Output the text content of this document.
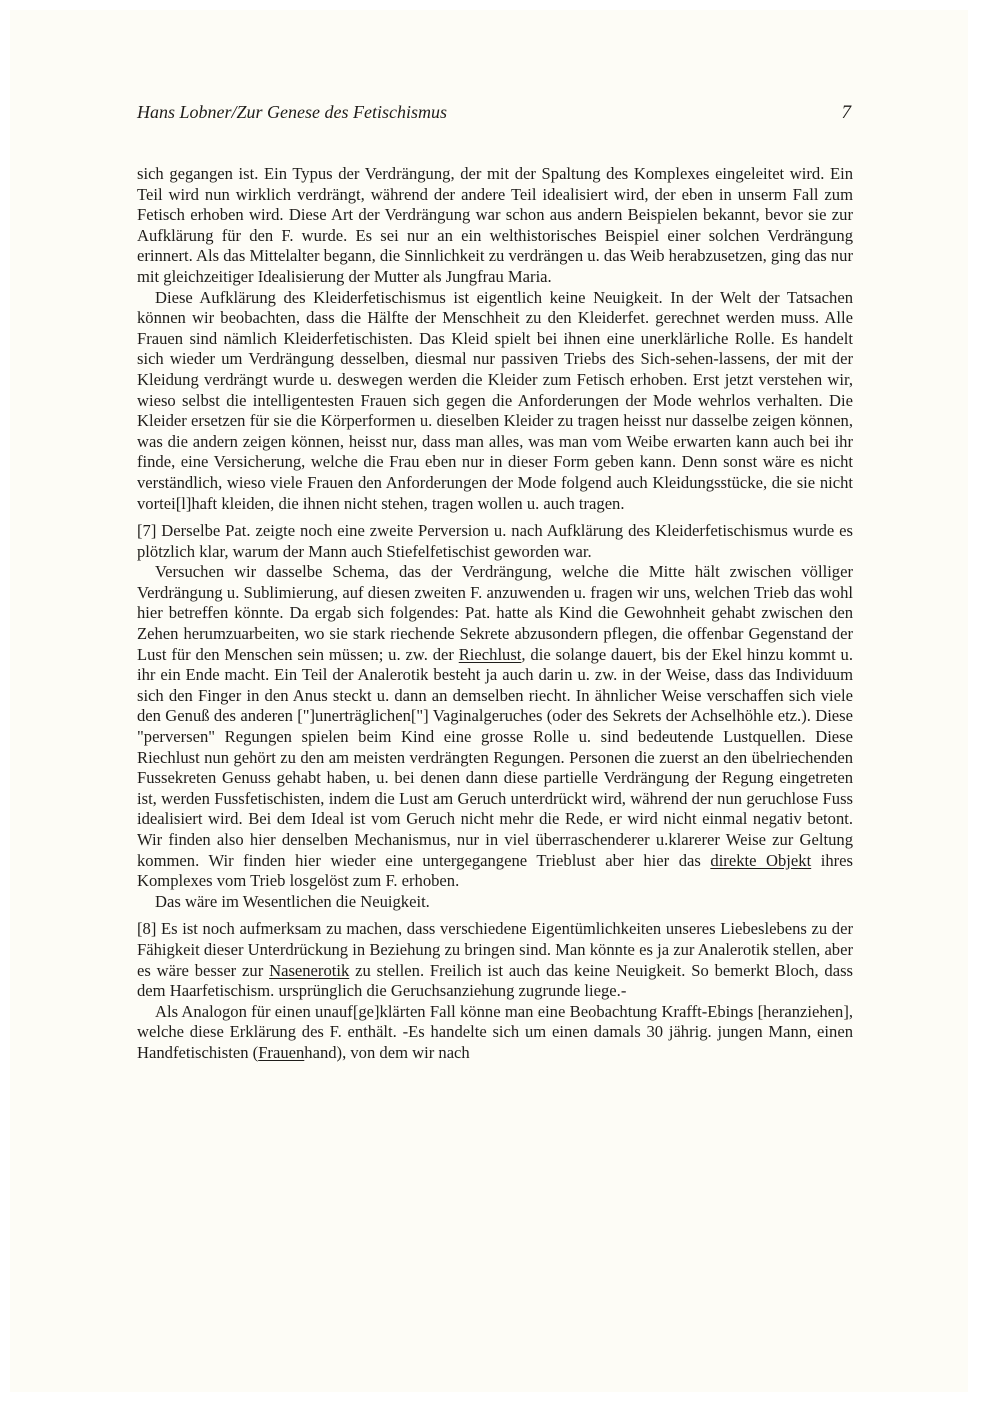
Hans Lobner/Zur Genese des Fetischismus	7

sich gegangen ist. Ein Typus der Verdrängung, der mit der Spaltung des Komplexes eingeleitet wird. Ein Teil wird nun wirklich verdrängt, während der andere Teil idealisiert wird, der eben in unserm Fall zum Fetisch erhoben wird. Diese Art der Verdrängung war schon aus andern Beispielen bekannt, bevor sie zur Aufklärung für den F. wurde. Es sei nur an ein welthistorisches Beispiel einer solchen Verdrängung erinnert. Als das Mittelalter begann, die Sinnlichkeit zu verdrängen u. das Weib herabzusetzen, ging das nur mit gleichzeitiger Idealisierung der Mutter als Jungfrau Maria.

Diese Aufklärung des Kleiderfetischismus ist eigentlich keine Neuigkeit. In der Welt der Tatsachen können wir beobachten, dass die Hälfte der Menschheit zu den Kleiderfet. gerechnet werden muss. Alle Frauen sind nämlich Kleiderfetischisten. Das Kleid spielt bei ihnen eine unerklärliche Rolle. Es handelt sich wieder um Verdrängung desselben, diesmal nur passiven Triebs des Sich-sehen-lassens, der mit der Kleidung verdrängt wurde u. deswegen werden die Kleider zum Fetisch erhoben. Erst jetzt verstehen wir, wieso selbst die intelligentesten Frauen sich gegen die Anforderungen der Mode wehrlos verhalten. Die Kleider ersetzen für sie die Körperformen u. dieselben Kleider zu tragen heisst nur dasselbe zeigen können, was die andern zeigen können, heisst nur, dass man alles, was man vom Weibe erwarten kann auch bei ihr finde, eine Versicherung, welche die Frau eben nur in dieser Form geben kann. Denn sonst wäre es nicht verständlich, wieso viele Frauen den Anforderungen der Mode folgend auch Kleidungsstücke, die sie nicht vortei[l]haft kleiden, die ihnen nicht stehen, tragen wollen u. auch tragen.

[7] Derselbe Pat. zeigte noch eine zweite Perversion u. nach Aufklärung des Kleiderfetischismus wurde es plötzlich klar, warum der Mann auch Stiefelfetischist geworden war.

Versuchen wir dasselbe Schema, das der Verdrängung, welche die Mitte hält zwischen völliger Verdrängung u. Sublimierung, auf diesen zweiten F. anzuwenden u. fragen wir uns, welchen Trieb das wohl hier betreffen könnte. Da ergab sich folgendes: Pat. hatte als Kind die Gewohnheit gehabt zwischen den Zehen herumzuarbeiten, wo sie stark riechende Sekrete abzusondern pflegen, die offenbar Gegenstand der Lust für den Menschen sein müssen; u. zw. der Riechlust, die solange dauert, bis der Ekel hinzu kommt u. ihr ein Ende macht. Ein Teil der Analerotik besteht ja auch darin u. zw. in der Weise, dass das Individuum sich den Finger in den Anus steckt u. dann an demselben riecht. In ähnlicher Weise verschaffen sich viele den Genuß des anderen ["]unerträglichen["] Vaginalgeruches (oder des Sekrets der Achselhöhle etz.). Diese "perversen" Regungen spielen beim Kind eine grosse Rolle u. sind bedeutende Lustquellen. Diese Riechlust nun gehört zu den am meisten verdrängten Regungen. Personen die zuerst an den übelriechenden Fussekreten Genuss gehabt haben, u. bei denen dann diese partielle Verdrängung der Regung eingetreten ist, werden Fussfetischisten, indem die Lust am Geruch unterdrückt wird, während der nun geruchlose Fuss idealisiert wird. Bei dem Ideal ist vom Geruch nicht mehr die Rede, er wird nicht einmal negativ betont. Wir finden also hier denselben Mechanismus, nur in viel überraschenderer u.klarerer Weise zur Geltung kommen. Wir finden hier wieder eine untergegangene Trieblust aber hier das direkte Objekt ihres Komplexes vom Trieb losgelöst zum F. erhoben.

Das wäre im Wesentlichen die Neuigkeit.

[8] Es ist noch aufmerksam zu machen, dass verschiedene Eigentümlichkeiten unseres Liebeslebens zu der Fähigkeit dieser Unterdrückung in Beziehung zu bringen sind. Man könnte es ja zur Analerotik stellen, aber es wäre besser zur Nasenerotik zu stellen. Freilich ist auch das keine Neuigkeit. So bemerkt Bloch, dass dem Haarfetischism. ursprünglich die Geruchsanziehung zugrunde liege.-

Als Analogon für einen unauf[ge]klärten Fall könne man eine Beobachtung Krafft-Ebings [heranziehen], welche diese Erklärung des F. enthält. -Es handelte sich um einen damals 30 jährig. jungen Mann, einen Handfetischisten (Frauenhand), von dem wir nach
